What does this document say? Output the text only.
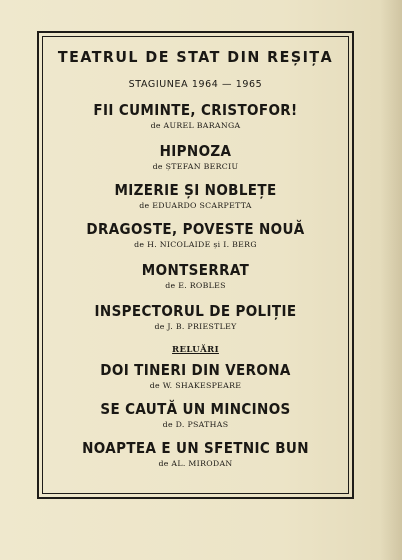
TEATRUL DE STAT DIN REȘIȚA
STAGIUNEA 1964 — 1965
FII CUMINTE, CRISTOFOR!
de AUREL BARANGA
HIPNOZA
de ȘTEFAN BERCIU
MIZERIE ȘI NOBLEȚE
de EDUARDO SCARPETTA
DRAGOSTE, POVESTE NOUĂ
de H. NICOLAIDE și I. BERG
MONTSERRAT
de E. ROBLES
INSPECTORUL DE POLIȚIE
de J. B. PRIESTLEY
RELUĂRI
DOI TINERI DIN VERONA
de W. SHAKESPEARE
SE CAUTĂ UN MINCINOS
de D. PSATHAS
NOAPTEA E UN SFETNIC BUN
de AL. MIRODAN
